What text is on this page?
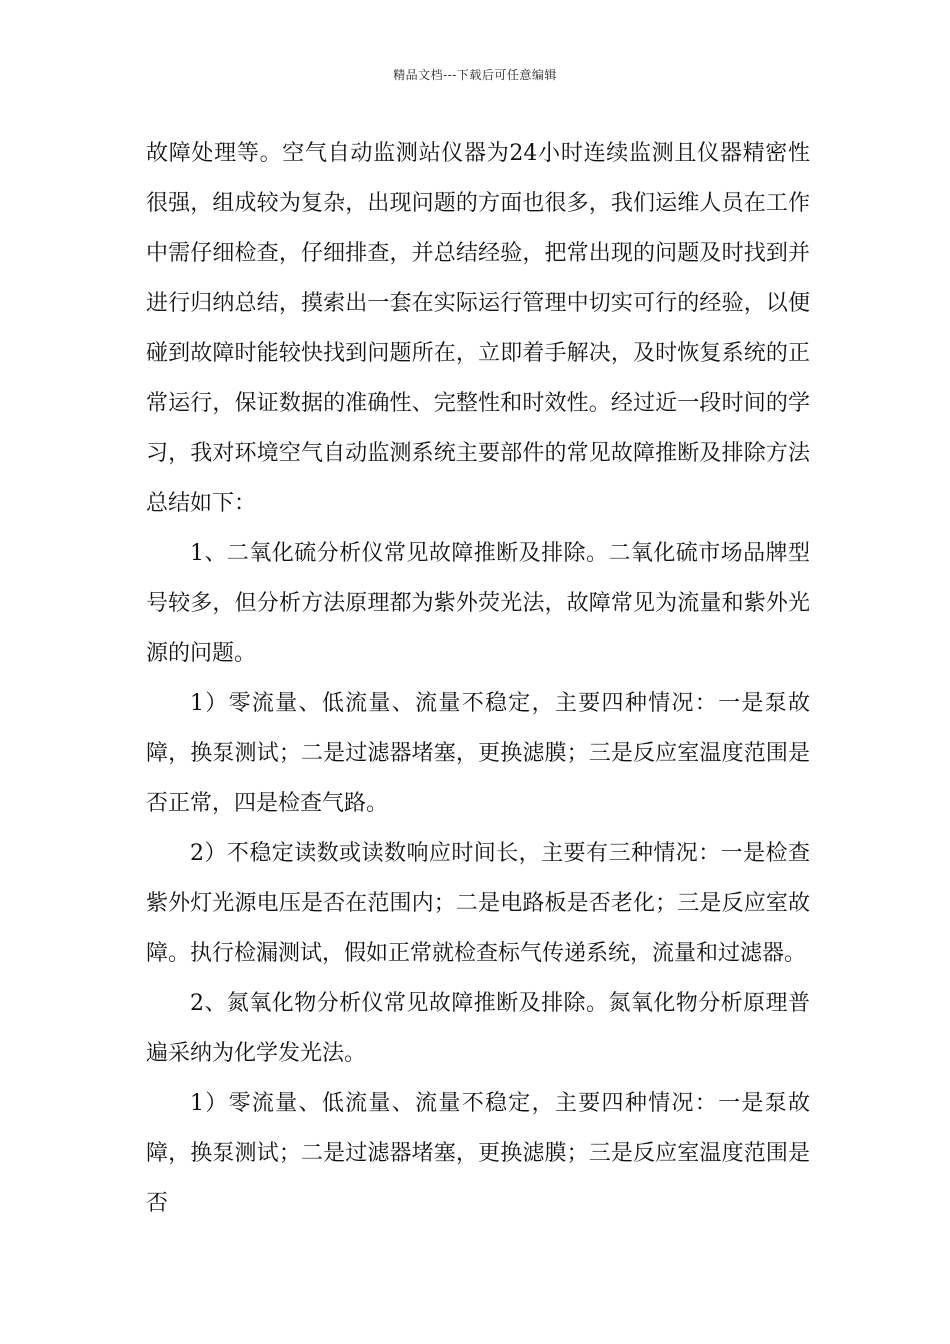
精品文档---下载后可任意编辑

故障处理等。空气自动监测站仪器为24小时连续监测且仪器精密性很强，组成较为复杂，出现问题的方面也很多，我们运维人员在工作中需仔细检查，仔细排查，并总结经验，把常出现的问题及时找到并进行归纳总结，摸索出一套在实际运行管理中切实可行的经验，以便碰到故障时能较快找到问题所在，立即着手解决，及时恢复系统的正常运行，保证数据的准确性、完整性和时效性。经过近一段时间的学习，我对环境空气自动监测系统主要部件的常见故障推断及排除方法总结如下：

1、二氧化硫分析仪常见故障推断及排除。二氧化硫市场品牌型号较多，但分析方法原理都为紫外荧光法，故障常见为流量和紫外光源的问题。

1）零流量、低流量、流量不稳定，主要四种情况：一是泵故障，换泵测试；二是过滤器堵塞，更换滤膜；三是反应室温度范围是否正常，四是检查气路。

2）不稳定读数或读数响应时间长，主要有三种情况：一是检查紫外灯光源电压是否在范围内；二是电路板是否老化；三是反应室故障。执行检漏测试，假如正常就检查标气传递系统，流量和过滤器。

2、氮氧化物分析仪常见故障推断及排除。氮氧化物分析原理普遍采纳为化学发光法。

1）零流量、低流量、流量不稳定，主要四种情况：一是泵故障，换泵测试；二是过滤器堵塞，更换滤膜；三是反应室温度范围是否
